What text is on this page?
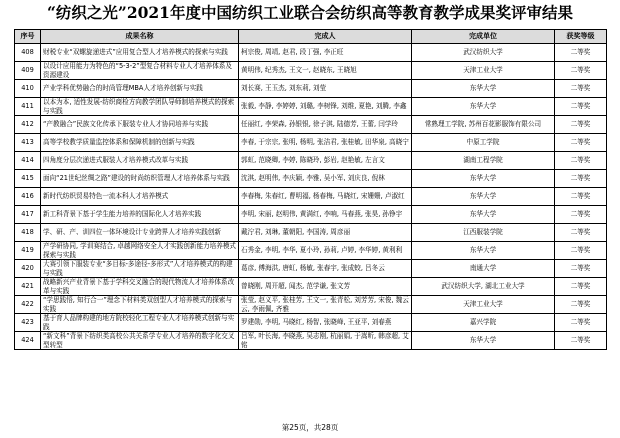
“纺织之光”2021年度中国纺织工业联合会纺织高等教育教学成果奖评审结果
序号	成果名称	完成人	完成单位	获奖等级
408	财税专业“双螺旋递进式”应用复合型人才培养模式的探索与实践	柯宗俊, 周靖, 赵君, 段丁强, 李正旺	武汉纺织大学	二等奖
409	以设计应用能力为特色的“5-3-2”型复合材料专业人才培养体系及资源建设	黄明伟, 纪秀杰, 王文一, 赵晓东, 王晓旭	天津工业大学	二等奖
410	产业学科优势融合的时尚管理MBA人才培养创新与实践	刘长赛, 王玉杰, 刘东莉, 刘莹	东华大学	二等奖
411	以本为本, 适性发展-纺织商检方向教学团队导师制培养模式的探索与实践	张毅, 李静, 李婷婷, 刘璐, 李树锋, 刘维, 夏艳, 刘腾, 李鑫	东华大学	二等奖
412	“产教融合”民族文化传承下服装专业人才协同培养与实践	任丽红, 李荣森, 孙银银, 徐子淇, 陆德芳, 王蕾, 闫学玲	常熟理工学院, 苏州百花影服饰有限公司	二等奖
413	高等学校教学质量监控体系和保障机制的创新与实践	李春, 于宗宗, 张明, 杨明, 张洁君, 张桂敏, 田华泉, 高晓宁	中原工学院	二等奖
414	四角度分层次递进式服装人才培养模式改革与实践	郭虹, 范晓卿, 李婷, 陈晓玲, 彭岩, 赵艳敏, 左言文	湖南工程学院	二等奖
415	面向“21世纪丝绸之路”建设的时尚纺织管理人才培养体系与实践	沈淇, 赵明伟, 李庆颖, 李雅, 吴小军, 刘庆良, 倪林	东华大学	二等奖
416	新时代纺织贸易特色一流本科人才培养模式	李春梅, 朱春红, 曹明福, 杨春梅, 马晓红, 宋姗姗, 卢淑红	东华大学	二等奖
417	新工科背景下基于学生能力培养的国际化人才培养实践	李明, 宋丽, 赵明伟, 黄满红, 李响, 马春燕, 张昊, 孙铮宇	东华大学	二等奖
418	学、研、产、训四位一体环境设计专业跨界人才培养实践创新	戴泞君, 刘琳, 董朝阳, 李国涛, 周彦丽	江西服装学院	二等奖
419	产学研协同, 学训赛结合, 卓越网络安全人才实践创新能力培养模式探索与实践	石秀金, 李明, 李华, 夏小玲, 孙莉, 卢婷, 李华婷, 黄利利	东华大学	二等奖
420	大赛引领下服装专业“多目标-多途径-多形式”人才培养模式的构建与实践	葛彦, 傅海洪, 唐虹, 杨敏, 张春宇, 张成蛟, 吕冬云	南通大学	二等奖
421	战略新兴产业背景下基于学科交叉融合的现代物流人才培养体系改革与实践	曾晓刚, 周开超, 闻杰, 范学谦, 张文芳	武汉纺织大学, 湖北工业大学	二等奖
422	“学思践悟, 知行合一”理念下材料类双创型人才培养模式的探索与实践	张莹, 赵义平, 张桂芳, 王文一, 张青松, 刘芳芳, 宋俊, 魏云云, 李雨佩, 齐雅	天津工业大学	二等奖
423	基于育人品牌构建的地方院校轻化工程专业人才培养模式创新与实践	罗建勋, 李明, 马晓红, 杨智, 张晓峰, 王亚平, 刘春燕	嘉兴学院	二等奖
424	“新文科”背景下纺织类高校公共关系学专业人才培养的数字化交叉型转型	吕军, 叶长海, 李晓燕, 吴志刚, 杭丽娟, 于嵩昕, 韩彦超, 艾铭	东华大学	二等奖
第25页，共28页
